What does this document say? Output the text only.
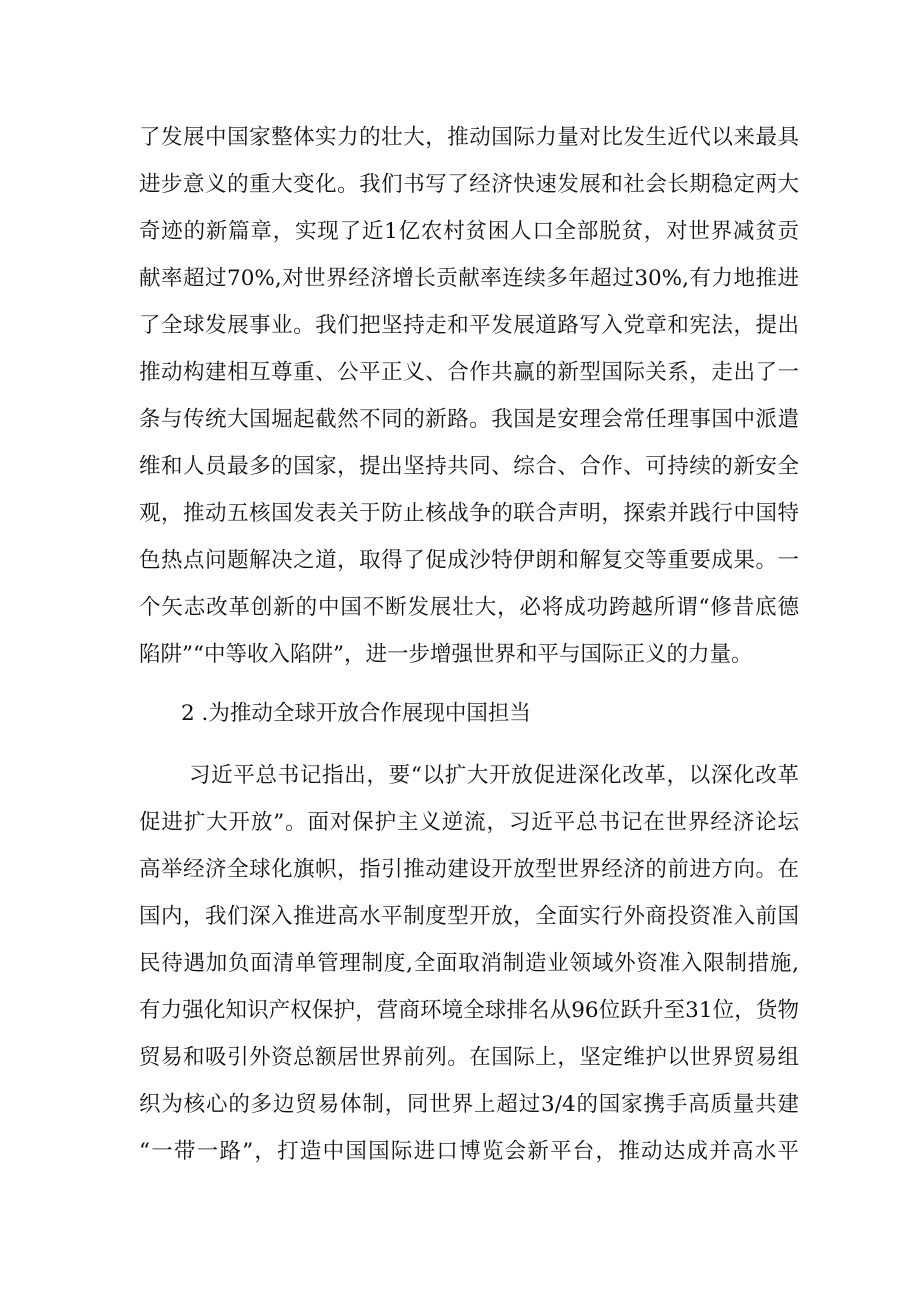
了发展中国家整体实力的壮大，推动国际力量对比发生近代以来最具
进步意义的重大变化。我们书写了经济快速发展和社会长期稳定两大
奇迹的新篇章，实现了近1亿农村贫困人口全部脱贫，对世界减贫贡
献率超过70%,对世界经济增长贡献率连续多年超过30%,有力地推进
了全球发展事业。我们把坚持走和平发展道路写入党章和宪法，提出
推动构建相互尊重、公平正义、合作共赢的新型国际关系，走出了一
条与传统大国堀起截然不同的新路。我国是安理会常任理事国中派遣
维和人员最多的国家，提出坚持共同、综合、合作、可持续的新安全
观，推动五核国发表关于防止核战争的联合声明，探索并践行中国特
色热点问题解决之道，取得了促成沙特伊朗和解复交等重要成果。一
个矢志改革创新的中国不断发展壮大，必将成功跨越所谓“修昔底德
陷阱”“中等收入陷阱”，进一步增强世界和平与国际正义的力量。
2 .为推动全球开放合作展现中国担当
习近平总书记指出，要“以扩大开放促进深化改革，以深化改革
促进扩大开放”。面对保护主义逆流，习近平总书记在世界经济论坛
高举经济全球化旗帜，指引推动建设开放型世界经济的前进方向。在
国内，我们深入推进高水平制度型开放，全面实行外商投资准入前国
民待遇加负面清单管理制度,全面取消制造业领域外资准入限制措施,
有力强化知识产权保护，营商环境全球排名从96位跃升至31位，货物
贸易和吸引外资总额居世界前列。在国际上，坚定维护以世界贸易组
织为核心的多边贸易体制，同世界上超过3/4的国家携手高质量共建
“一带一路”，打造中国国际进口博览会新平台，推动达成并高水平
